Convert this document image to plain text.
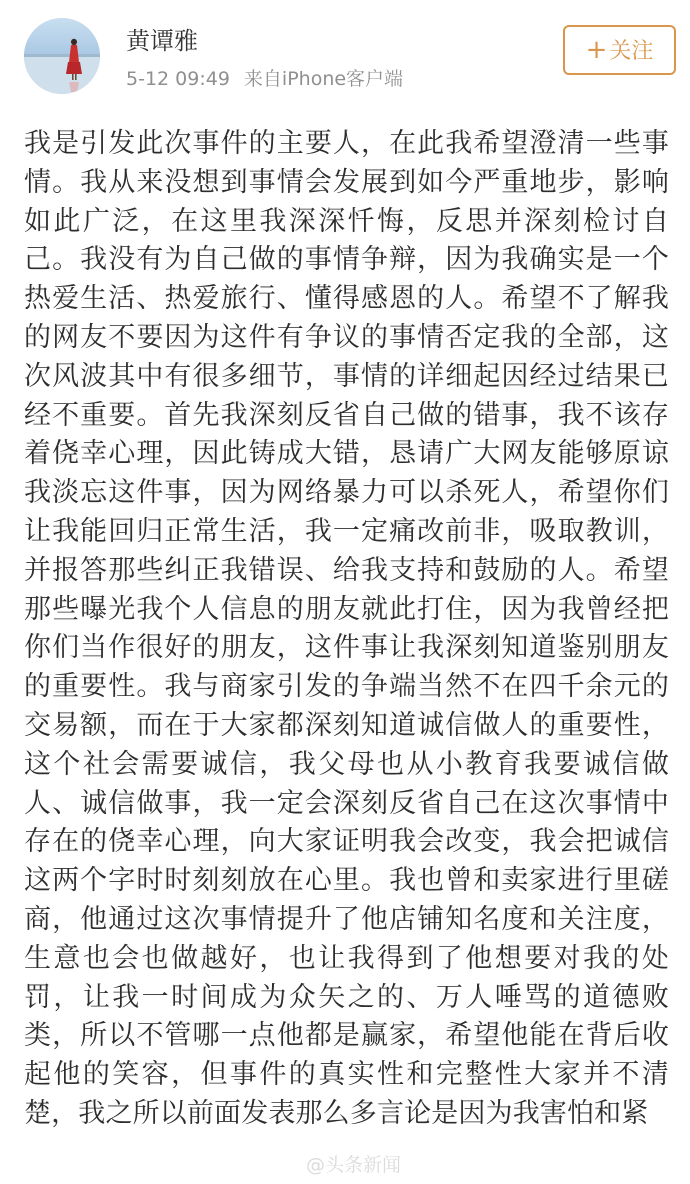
黄谭雅
5-12 09:49 来自iPhone客户端
+关注
我是引发此次事件的主要人，在此我希望澄清一些事情。我从来没想到事情会发展到如今严重地步，影响如此广泛，在这里我深深忏悔，反思并深刻检讨自己。我没有为自己做的事情争辩，因为我确实是一个热爱生活、热爱旅行、懂得感恩的人。希望不了解我的网友不要因为这件有争议的事情否定我的全部，这次风波其中有很多细节，事情的详细起因经过结果已经不重要。首先我深刻反省自己做的错事，我不该存着侥幸心理，因此铸成大错，恳请广大网友能够原谅我淡忘这件事，因为网络暴力可以杀死人，希望你们让我能回归正常生活，我一定痛改前非，吸取教训，并报答那些纠正我错误、给我支持和鼓励的人。希望那些曝光我个人信息的朋友就此打住，因为我曾经把你们当作很好的朋友，这件事让我深刻知道鉴别朋友的重要性。我与商家引发的争端当然不在四千余元的交易额，而在于大家都深刻知道诚信做人的重要性，这个社会需要诚信，我父母也从小教育我要诚信做人、诚信做事，我一定会深刻反省自己在这次事情中存在的侥幸心理，向大家证明我会改变，我会把诚信这两个字时时刻刻放在心里。我也曾和卖家进行里磋商，他通过这次事情提升了他店铺知名度和关注度，生意也会也做越好，也让我得到了他想要对我的处罚，让我一时间成为众矢之的、万人唾骂的道德败类，所以不管哪一点他都是赢家，希望他能在背后收起他的笑容，但事件的真实性和完整性大家并不清楚，我之所以前面发表那么多言论是因为我害怕和紧
@头条新闻
